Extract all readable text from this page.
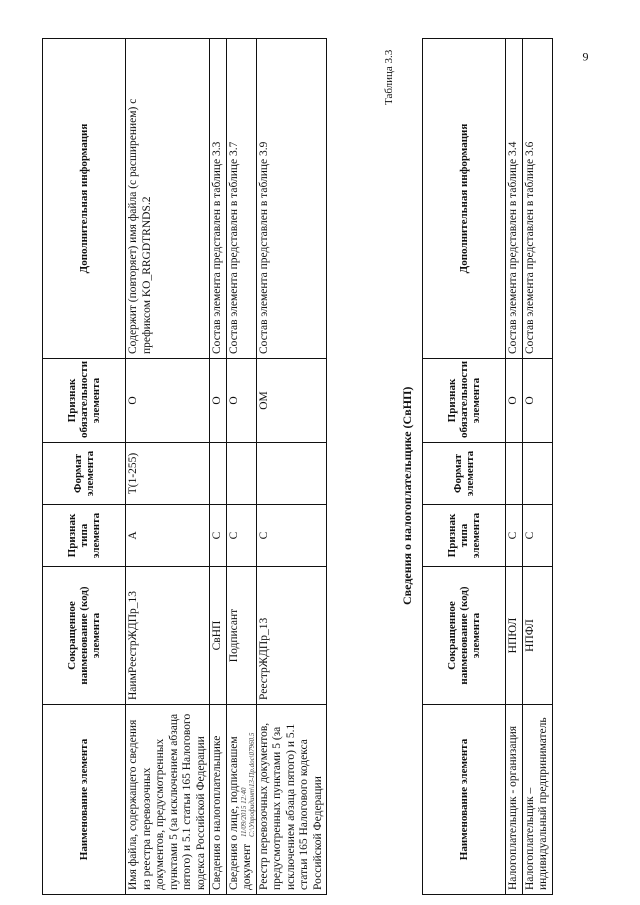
9
11/09/2015 12:40 C:\Упрофидинт\13-Пр.doc\07960.5
Наименование элемента	Сокращенное наименование (код) элемента	Признак типа элемента	Формат элемента	Признак обязательности элемента	Дополнительная информация
Имя файла, содержащего сведения из реестра перевозочных документов, предусмотренных пунктами 5 (за исключением абзаца пятого) и 5.1 статьи 165 Налогового кодекса Российской Федерации	НаимРеестрЖДПр_13	А	Т(1-255)	О	Содержит (повторяет) имя файла (с расширением) с префиксом KO_RRGDTRNDS.2
Сведения о налогоплательщике	СвНП	С		О	Состав элемента представлен в таблице 3.3
Сведения о лице, подписавшем документ	Подписант	С		О	Состав элемента представлен в таблице 3.7
Реестр перевозочных документов, предусмотренных пунктами 5 (за исключением абзаца пятого) и 5.1 статьи 165 Налогового кодекса Российской Федерации	РеестрЖДПр_13	С		ОМ	Состав элемента представлен в таблице 3.9
Таблица 3.3
Сведения о налогоплательщике (СвНП)
Наименование элемента	Сокращенное наименование (код) элемента	Признак типа элемента	Формат элемента	Признак обязательности элемента	Дополнительная информация
Налогоплательщик - организация	НПЮЛ	С		О	Состав элемента представлен в таблице 3.4
Налогоплательщик – индивидуальный предприниматель	НПФЛ	С		О	Состав элемента представлен в таблице 3.6
